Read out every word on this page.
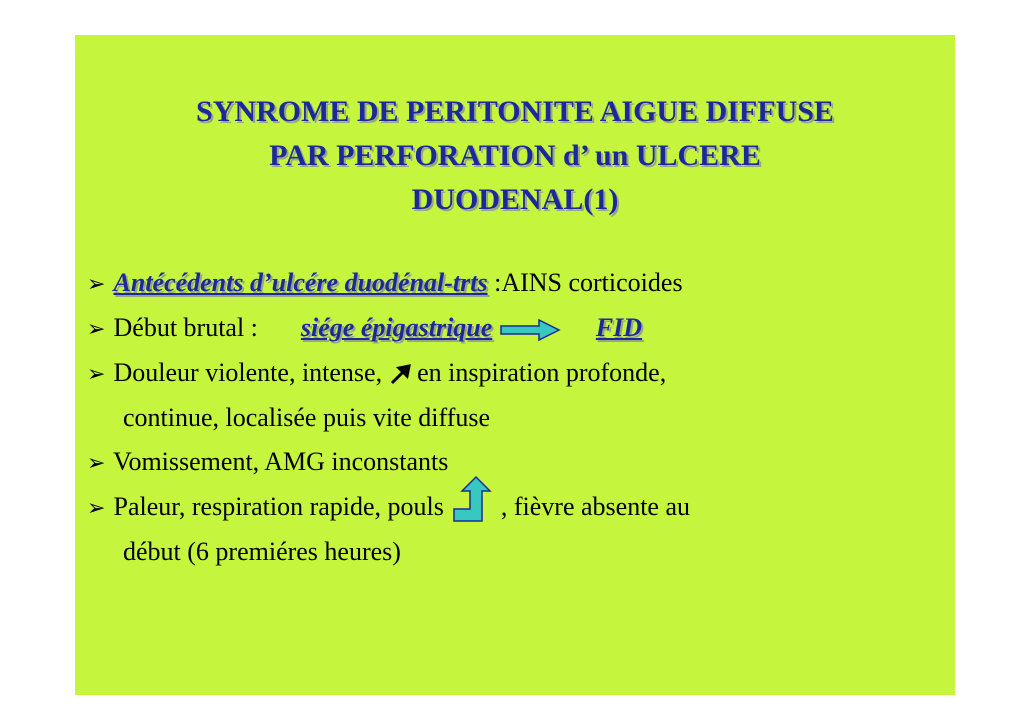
SYNROME DE PERITONITE AIGUE DIFFUSE
PAR PERFORATION d’ un ULCERE
DUODENAL(1)
➢ Antécédents d’ulcére duodénal-trts :AINS corticoides
➢ Début brutal : siége épigastrique	FID
➢ Douleur violente, intense, en inspiration profonde,
continue, localisée puis vite diffuse
➢ Vomissement, AMG inconstants
➢ Paleur, respiration rapide, pouls , fièvre absente au
début (6 premiéres heures)
